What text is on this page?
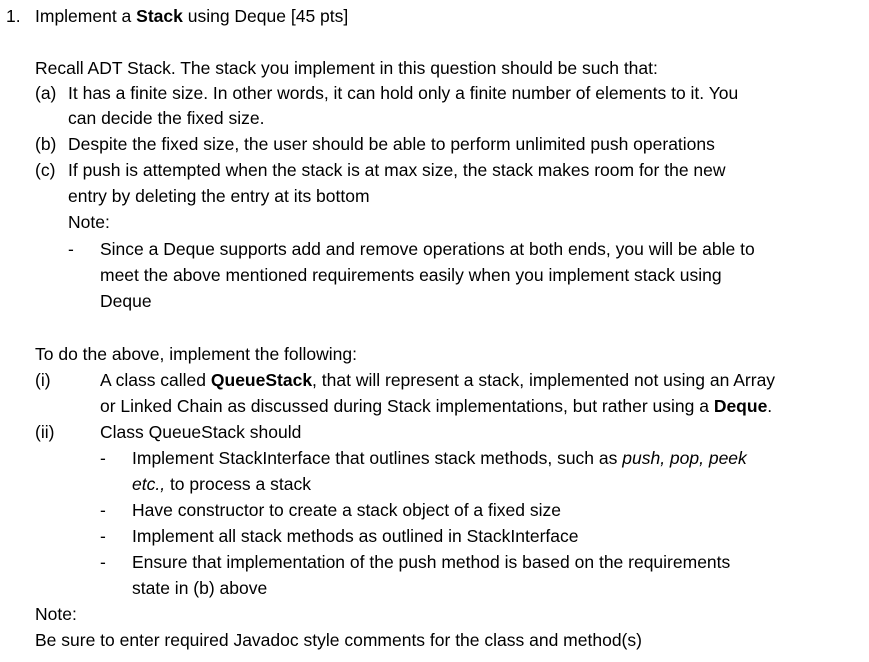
1. Implement a Stack using Deque [45 pts]
Recall ADT Stack. The stack you implement in this question should be such that:
(a) It has a finite size. In other words, it can hold only a finite number of elements to it. You
can decide the fixed size.
(b) Despite the fixed size, the user should be able to perform unlimited push operations
(c) If push is attempted when the stack is at max size, the stack makes room for the new
entry by deleting the entry at its bottom
Note:
- Since a Deque supports add and remove operations at both ends, you will be able to
meet the above mentioned requirements easily when you implement stack using
Deque
To do the above, implement the following:
(i)	A class called QueueStack, that will represent a stack, implemented not using an Array
or Linked Chain as discussed during Stack implementations, but rather using a Deque.
(ii)	Class QueueStack should
- Implement StackInterface that outlines stack methods, such as push, pop, peek
etc., to process a stack
- Have constructor to create a stack object of a fixed size
- Implement all stack methods as outlined in StackInterface
- Ensure that implementation of the push method is based on the requirements
state in (b) above
Note:
Be sure to enter required Javadoc style comments for the class and method(s)
